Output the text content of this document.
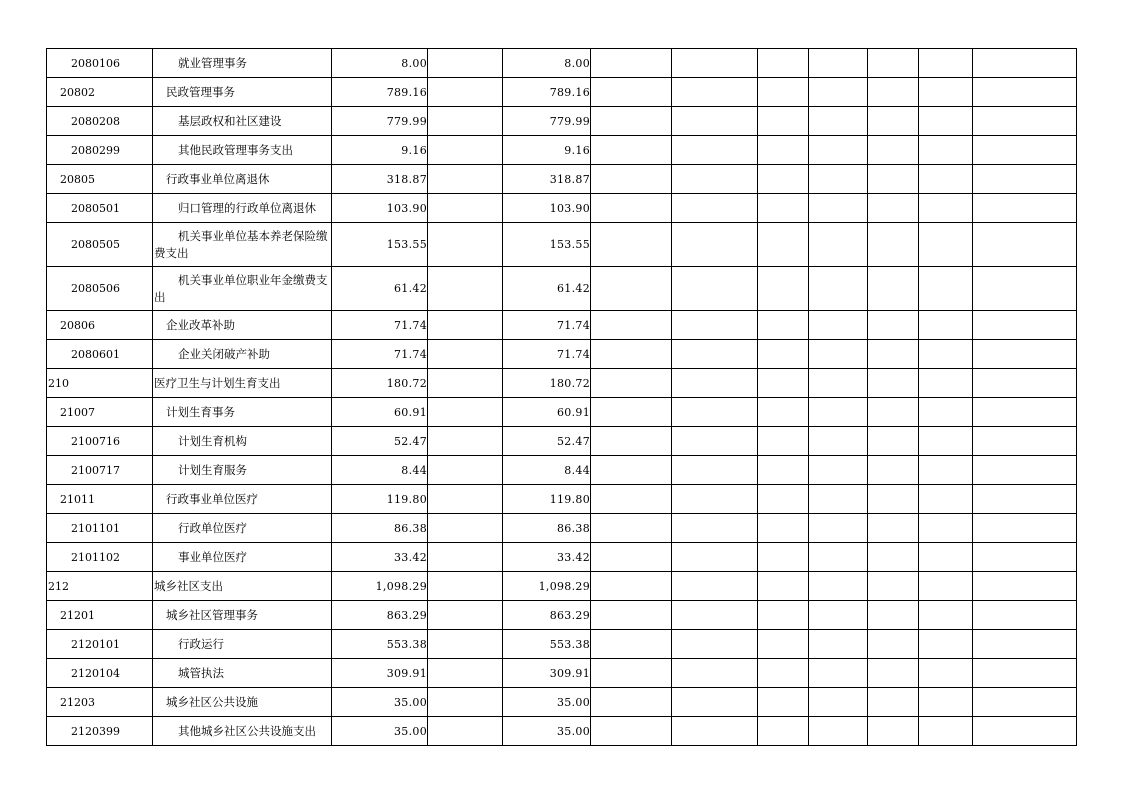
2080106	就业管理事务	8.00		8.00							
20802	民政管理事务	789.16		789.16							
2080208	基层政权和社区建设	779.99		779.99							
2080299	其他民政管理事务支出	9.16		9.16							
20805	行政事业单位离退休	318.87		318.87							
2080501	归口管理的行政单位离退休	103.90		103.90							
2080505	机关事业单位基本养老保险缴费支出	153.55		153.55							
2080506	机关事业单位职业年金缴费支出	61.42		61.42							
20806	企业改革补助	71.74		71.74							
2080601	企业关闭破产补助	71.74		71.74							
210	医疗卫生与计划生育支出	180.72		180.72							
21007	计划生育事务	60.91		60.91							
2100716	计划生育机构	52.47		52.47							
2100717	计划生育服务	8.44		8.44							
21011	行政事业单位医疗	119.80		119.80							
2101101	行政单位医疗	86.38		86.38							
2101102	事业单位医疗	33.42		33.42							
212	城乡社区支出	1,098.29		1,098.29							
21201	城乡社区管理事务	863.29		863.29							
2120101	行政运行	553.38		553.38							
2120104	城管执法	309.91		309.91							
21203	城乡社区公共设施	35.00		35.00							
2120399	其他城乡社区公共设施支出	35.00		35.00							
